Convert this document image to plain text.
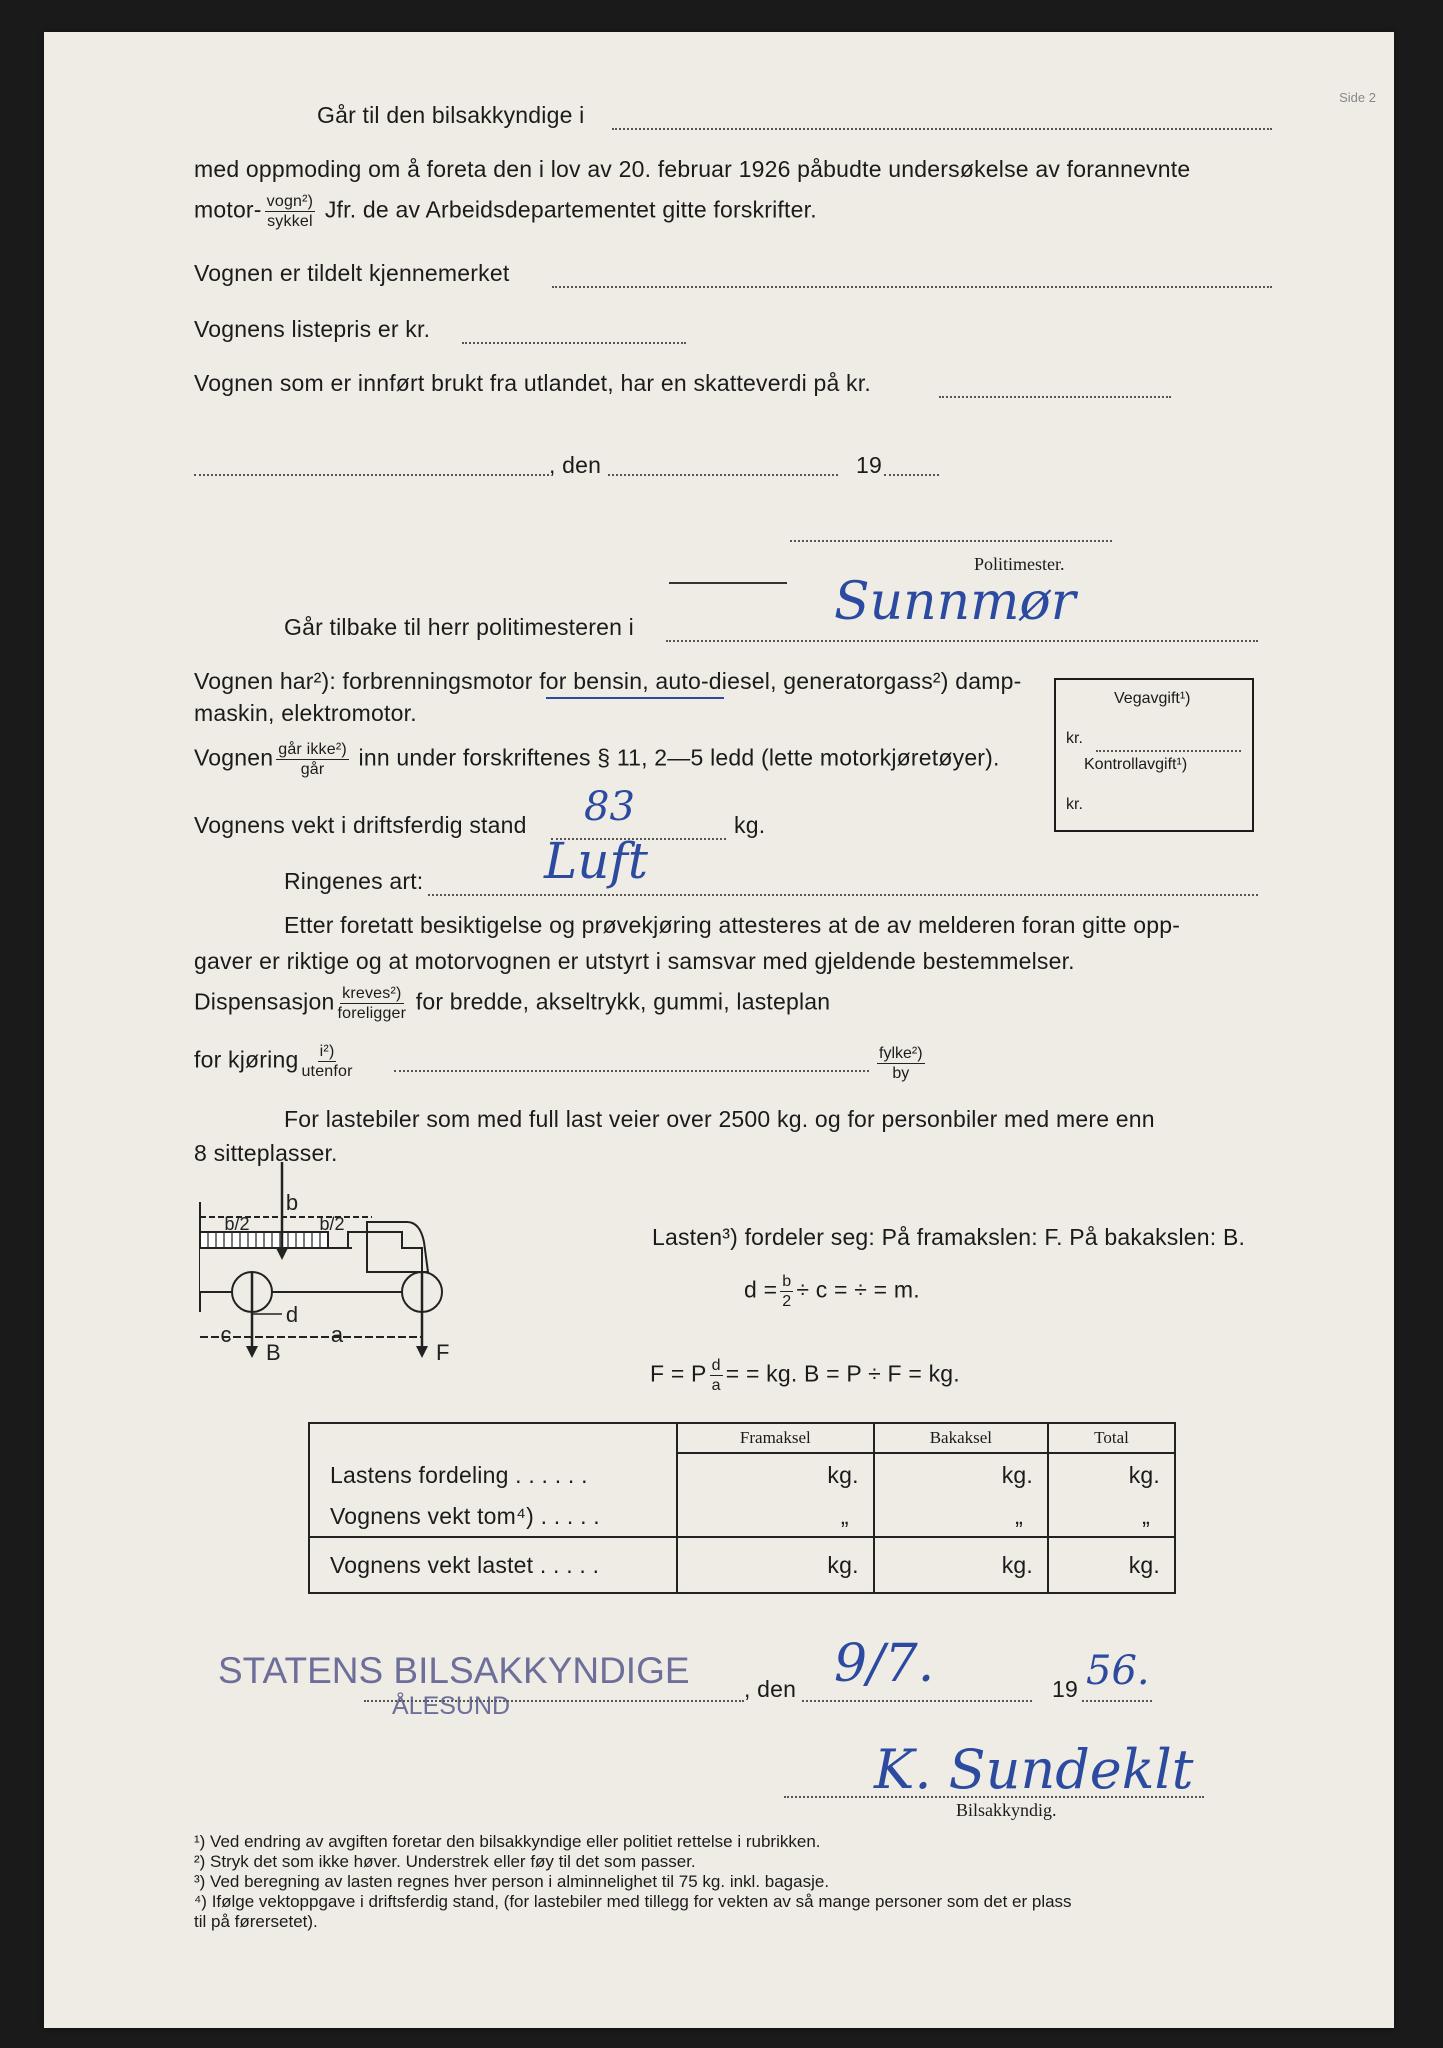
Side 2
Går til den bilsakkyndige i
med oppmoding om å foreta den i lov av 20. februar 1926 påbudte undersøkelse av forannevnte
motor- $\frac{\text{vogn²)}}{\text{sykkel}}$ Jfr. de av Arbeidsdepartementet gitte forskrifter.
Vognen er tildelt kjennemerket
Vognens listepris er kr.
Vognen som er innført brukt fra utlandet, har en skatteverdi på kr.
, den	19
Politimester.
Går tilbake til herr politimesteren i	Sunnmør
Vognen har²): forbrenningsmotor for bensin, auto-diesel, generatorgass²) damp-
maskin, elektromotor.
Vognen $\frac{\text{går ikke²)}}{\text{går}}$ inn under forskriftenes § 11, 2—5 ledd (lette motorkjøretøyer).
Vognens vekt i driftsferdig stand 83	kg.
Ringenes art: Luft
Vegavgift¹)
kr.
Kontrollavgift¹)
kr.
Etter foretatt besiktigelse og prøvekjøring attesteres at de av melderen foran gitte opp-
gaver er riktige og at motorvognen er utstyrt i samsvar med gjeldende bestemmelser.
Dispensasjon $\frac{\text{kreves²)}}{\text{foreligger}}$ for bredde, akseltrykk, gummi, lasteplan
for kjøring $\frac{\text{i²)}}{\text{utenfor}}$	$\frac{\text{fylke²)}}{by}$
For lastebiler som med full last veier over 2500 kg. og for personbiler med mere enn
8 sitteplasser.
b
b/2	b/2
c
d
a
B	F
Lasten³) fordeler seg: På framakslen: F. På bakakslen: B.
$d = \frac{b}{2} \div c$ = ÷ = m.
F = P $\frac{d}{a}$ = = kg. B = P ÷ F = kg.
	Framaksel	Bakaksel	Total
Lastens fordeling . . . . . .	kg.	kg.	kg.
Vognens vekt tom⁴) . . . . .	„	„	„
Vognens vekt lastet . . . . .	kg.	kg.	kg.
STATENS BILSAKKYNDIGE
ÅLESUND
, den 9/7.	19 56.
K. Sundeklt
Bilsakkyndig.
¹) Ved endring av avgiften foretar den bilsakkyndige eller politiet rettelse i rubrikken.
²) Stryk det som ikke høver. Understrek eller føy til det som passer.
³) Ved beregning av lasten regnes hver person i alminnelighet til 75 kg. inkl. bagasje.
⁴) Ifølge vektoppgave i driftsferdig stand, (for lastebiler med tillegg for vekten av så mange personer som det er plass
til på førersetet).
